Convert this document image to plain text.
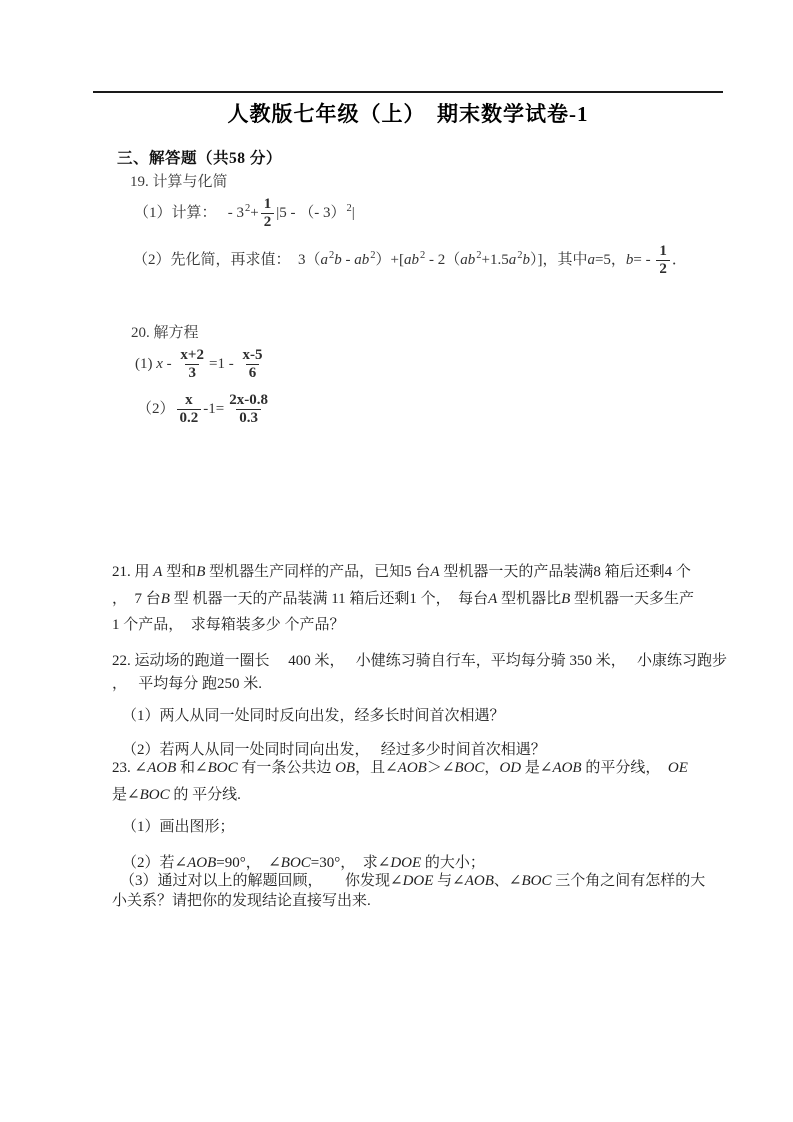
人教版七年级（上）　期末数学试卷-1
三、解答题（共58 分）
19. 计算与化简
（1）计算：　 - $3^2+ \frac{1}{2} |5$ - （- 3）$^2$|
（2）先化简，再求值：　$3(a^2b - ab^2)+[ab^2 - 2(ab^2+1.5a^2b)]$，其中a=5，$b= - \frac{1}{2}$ ．
20. 解方程
(1) $x - \frac{x+2}{3} =1 - \frac{x-5}{6}$
$(2) \frac{x}{0.2} -1= \frac{2x-0.8}{0.3}$
21. 用 A 型和B 型机器生产同样的产品，已知5 台A 型机器一天的产品装满8 箱后还剩4 个
，　7 台B 型 机器一天的产品装满 11 箱后还剩1 个，　每台A 型机器比B 型机器一天多生产
1 个产品，　求每箱装多少 个产品？
22. 运动场的跑道一圈长　 400 米，　 小健练习骑自行车，平均每分骑 350 米，　 小康练习跑步
，　 平均每分 跑250 米.
（1）两人从同一处同时反向出发，经多长时间首次相遇？
（2）若两人从同一处同时同向出发，　 经过多少时间首次相遇？
23. ∠AOB 和∠BOC 有一条公共边 OB，且∠AOB＞∠BOC，OD 是∠AOB 的平分线，　OE
是∠BOC 的 平分线.
（1）画出图形；
（2）若∠AOB=90°，　∠BOC=30°，　求∠DOE 的大小；
（3）通过对以上的解题回顾，　　你发现∠DOE 与∠AOB、∠BOC 三个角之间有怎样的大
小关系？请把你的发现结论直接写出来.
